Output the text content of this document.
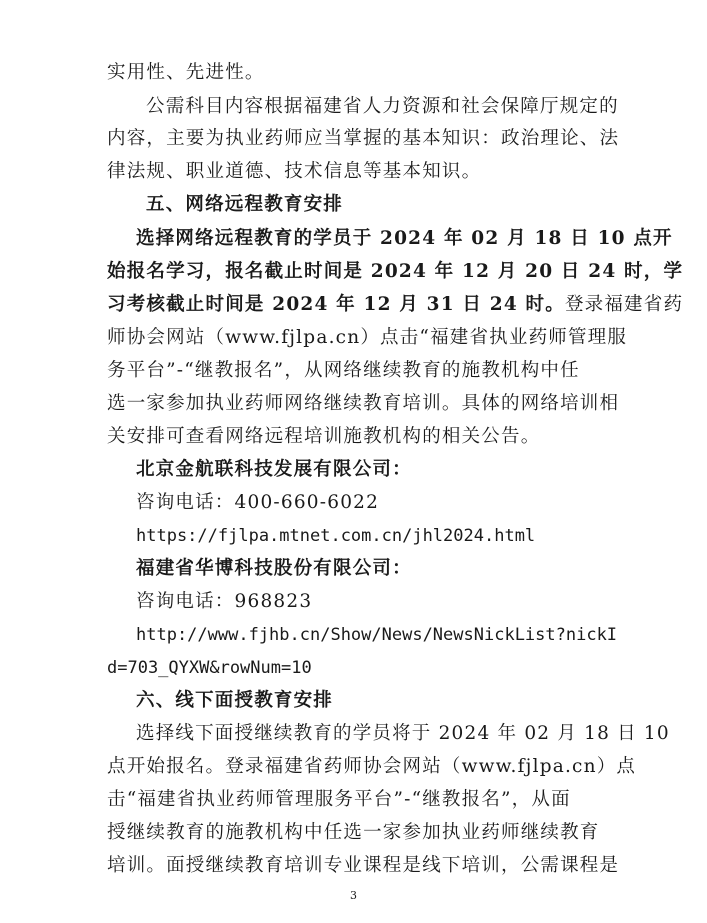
实用性、先进性。
公需科目内容根据福建省人力资源和社会保障厅规定的
内容，主要为执业药师应当掌握的基本知识：政治理论、法
律法规、职业道德、技术信息等基本知识。
五、网络远程教育安排
选择网络远程教育的学员于 2024 年 02 月 18 日 10 点开
始报名学习，报名截止时间是 2024 年 12 月 20 日 24 时，学
习考核截止时间是 2024 年 12 月 31 日 24 时。登录福建省药
师协会网站（www.fjlpa.cn）点击“福建省执业药师管理服
务平台”-“继教报名”，从网络继续教育的施教机构中任
选一家参加执业药师网络继续教育培训。具体的网络培训相
关安排可查看网络远程培训施教机构的相关公告。
北京金航联科技发展有限公司：
咨询电话：400-660-6022
https://fjlpa.mtnet.com.cn/jhl2024.html
福建省华博科技股份有限公司：
咨询电话：968823
http://www.fjhb.cn/Show/News/NewsNickList?nickI
d=703_QYXW&rowNum=10
六、线下面授教育安排
选择线下面授继续教育的学员将于 2024 年 02 月 18 日 10
点开始报名。登录福建省药师协会网站（www.fjlpa.cn）点
击“福建省执业药师管理服务平台”-“继教报名”，从面
授继续教育的施教机构中任选一家参加执业药师继续教育
培训。面授继续教育培训专业课程是线下培训，公需课程是
3
